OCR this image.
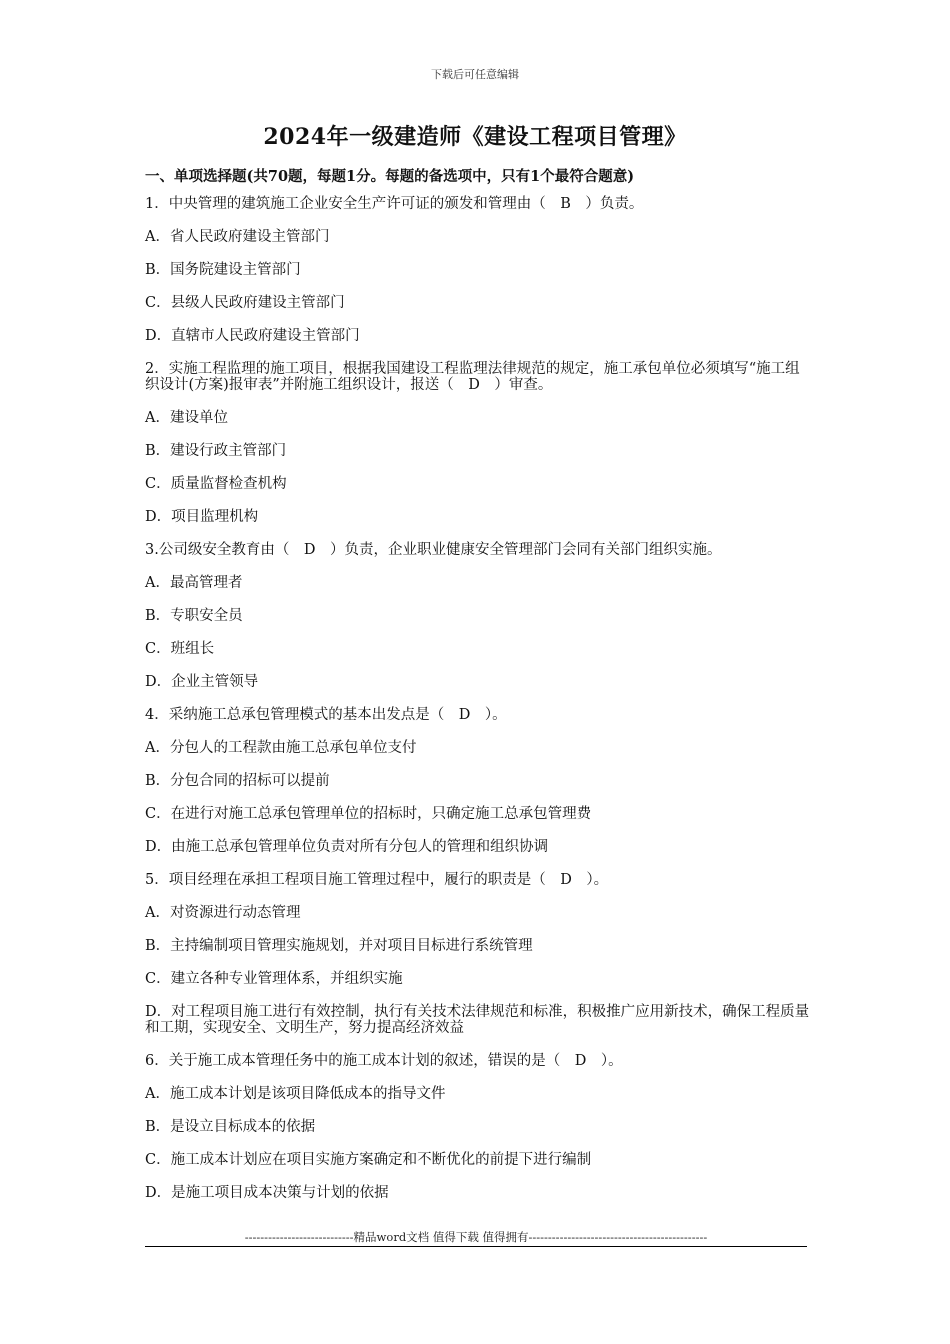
下载后可任意编辑
2024年一级建造师《建设工程项目管理》
一、单项选择题(共70题，每题1分。每题的备选项中，只有1个最符合题意)
1．中央管理的建筑施工企业安全生产许可证的颁发和管理由（　B　）负责。
A．省人民政府建设主管部门
B．国务院建设主管部门
C．县级人民政府建设主管部门
D．直辖市人民政府建设主管部门
2．实施工程监理的施工项目，根据我国建设工程监理法律规范的规定，施工承包单位必须填写“施工组织设计(方案)报审表”并附施工组织设计，报送（　D　）审查。
A．建设单位
B．建设行政主管部门
C．质量监督检查机构
D．项目监理机构
3.公司级安全教育由（　D　）负责，企业职业健康安全管理部门会同有关部门组织实施。
A．最高管理者
B．专职安全员
C．班组长
D．企业主管领导
4．采纳施工总承包管理模式的基本出发点是（　D　）。
A．分包人的工程款由施工总承包单位支付
B．分包合同的招标可以提前
C．在进行对施工总承包管理单位的招标时，只确定施工总承包管理费
D．由施工总承包管理单位负责对所有分包人的管理和组织协调
5．项目经理在承担工程项目施工管理过程中，履行的职责是（　D　）。
A．对资源进行动态管理
B．主持编制项目管理实施规划，并对项目目标进行系统管理
C．建立各种专业管理体系，并组织实施
D．对工程项目施工进行有效控制，执行有关技术法律规范和标准，积极推广应用新技术，确保工程质量和工期，实现安全、文明生产，努力提高经济效益
6．关于施工成本管理任务中的施工成本计划的叙述，错误的是（　D　）。
A．施工成本计划是该项目降低成本的指导文件
B．是设立目标成本的依据
C．施工成本计划应在项目实施方案确定和不断优化的前提下进行编制
D．是施工项目成本决策与计划的依据
----------------------------精品word文档 值得下载 值得拥有----------------------------------------------
